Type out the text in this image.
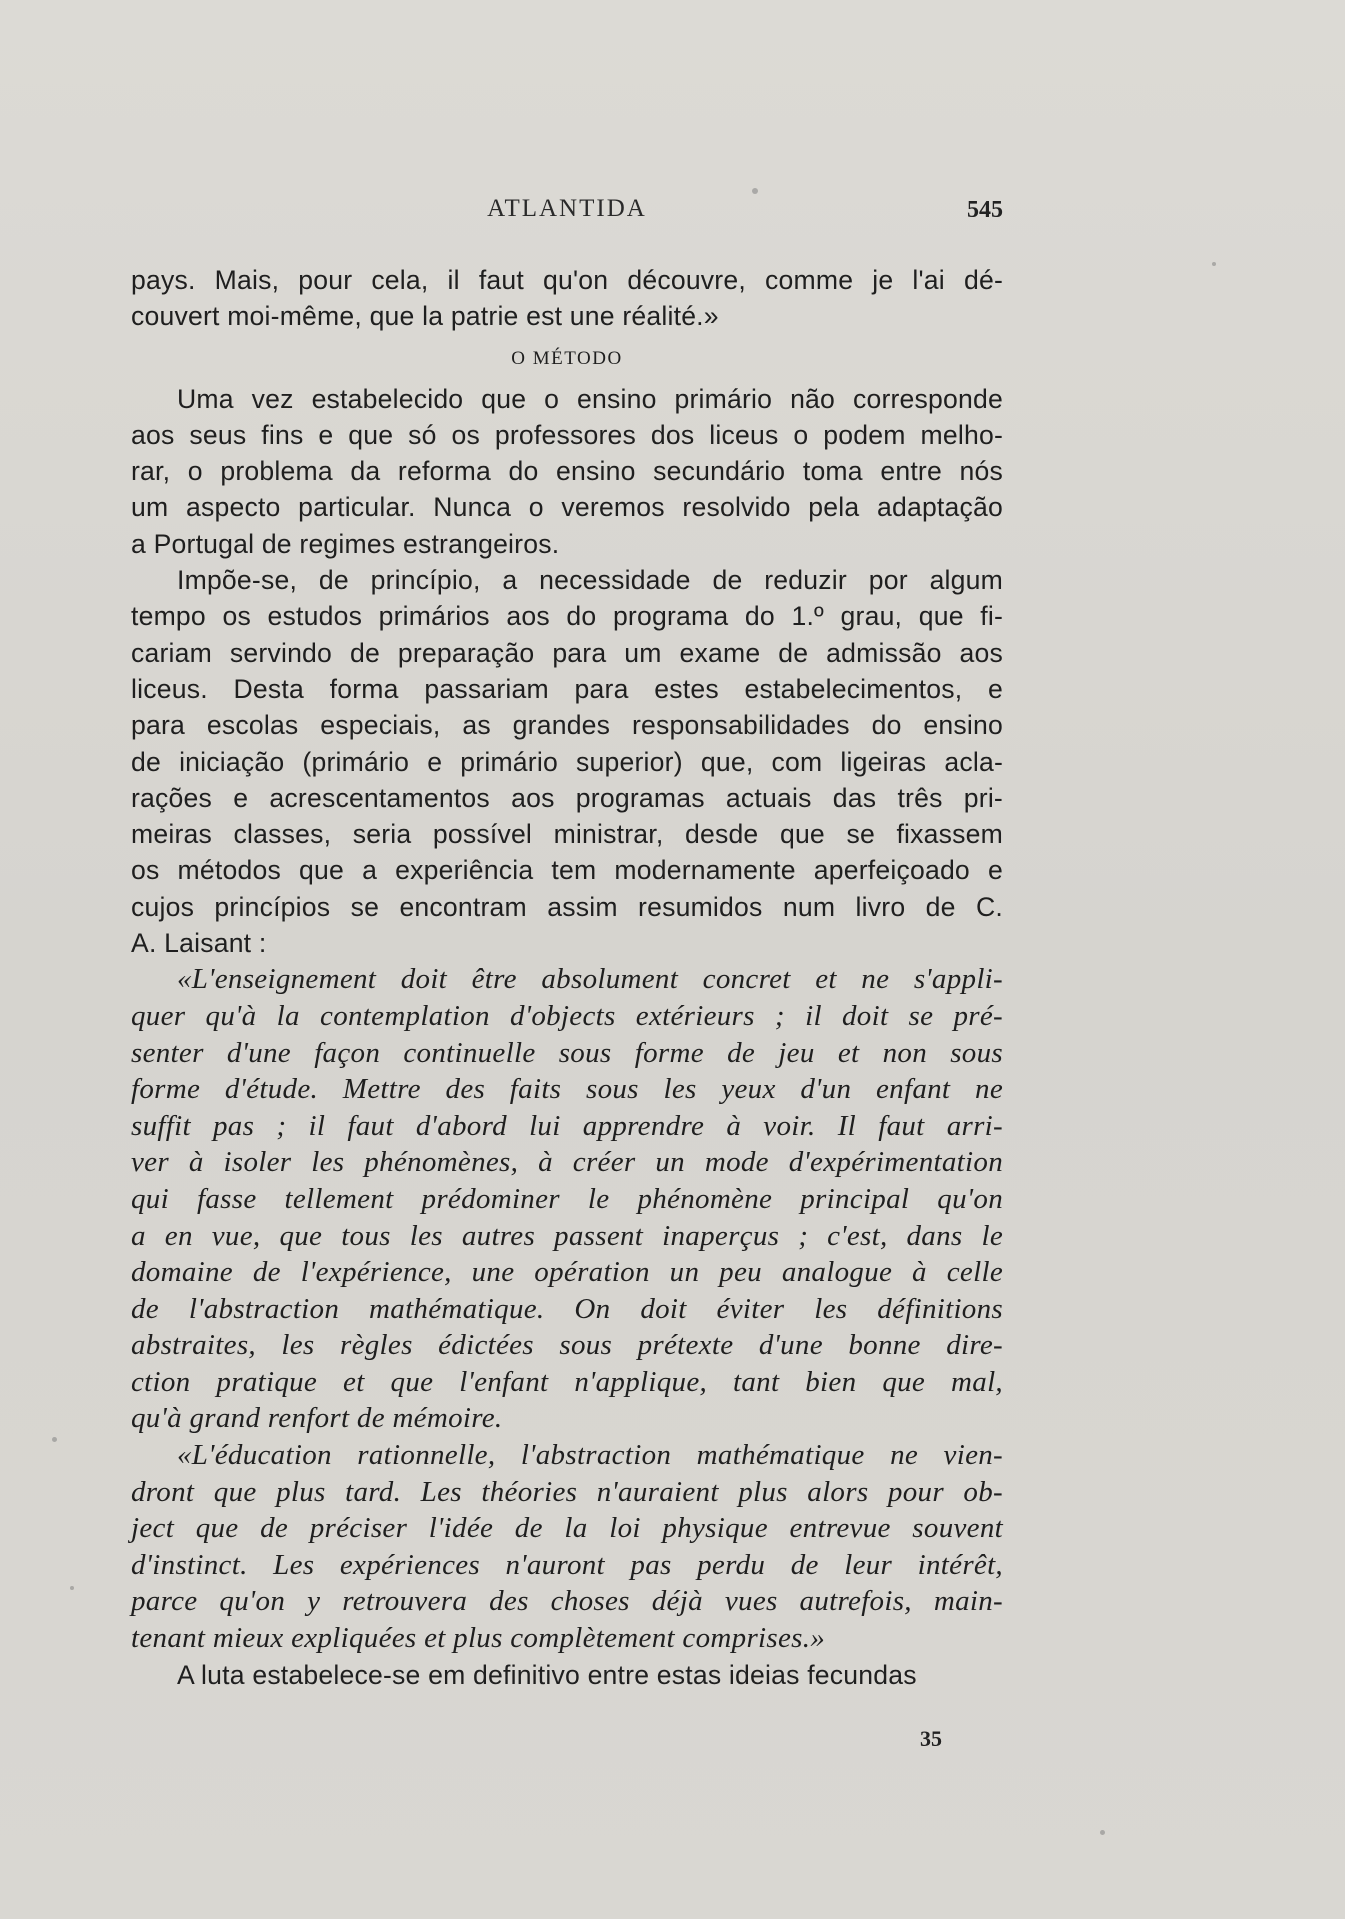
ATLANTIDA	545
pays. Mais, pour cela, il faut qu'on découvre, comme je l'ai dé-
couvert moi-même, que la patrie est une réalité.»
O MÉTODO
Uma vez estabelecido que o ensino primário não corresponde
aos seus fins e que só os professores dos liceus o podem melho-
rar, o problema da reforma do ensino secundário toma entre nós
um aspecto particular. Nunca o veremos resolvido pela adaptação
a Portugal de regimes estrangeiros.
Impõe-se, de princípio, a necessidade de reduzir por algum
tempo os estudos primários aos do programa do 1.º grau, que fi-
cariam servindo de preparação para um exame de admissão aos
liceus. Desta forma passariam para estes estabelecimentos, e
para escolas especiais, as grandes responsabilidades do ensino
de iniciação (primário e primário superior) que, com ligeiras acla-
rações e acrescentamentos aos programas actuais das três pri-
meiras classes, seria possível ministrar, desde que se fixassem
os métodos que a experiência tem modernamente aperfeiçoado e
cujos princípios se encontram assim resumidos num livro de C.
A. Laisant :
«L'enseignement doit être absolument concret et ne s'appli-
quer qu'à la contemplation d'objects extérieurs ; il doit se pré-
senter d'une façon continuelle sous forme de jeu et non sous
forme d'étude. Mettre des faits sous les yeux d'un enfant ne
suffit pas ; il faut d'abord lui apprendre à voir. Il faut arri-
ver à isoler les phénomènes, à créer un mode d'expérimentation
qui fasse tellement prédominer le phénomène principal qu'on
a en vue, que tous les autres passent inaperçus ; c'est, dans le
domaine de l'expérience, une opération un peu analogue à celle
de l'abstraction mathématique. On doit éviter les définitions
abstraites, les règles édictées sous prétexte d'une bonne dire-
ction pratique et que l'enfant n'applique, tant bien que mal,
qu'à grand renfort de mémoire.
«L'éducation rationnelle, l'abstraction mathématique ne vien-
dront que plus tard. Les théories n'auraient plus alors pour ob-
ject que de préciser l'idée de la loi physique entrevue souvent
d'instinct. Les expériences n'auront pas perdu de leur intérêt,
parce qu'on y retrouvera des choses déjà vues autrefois, main-
tenant mieux expliquées et plus complètement comprises.»
A luta estabelece-se em definitivo entre estas ideias fecundas
35
